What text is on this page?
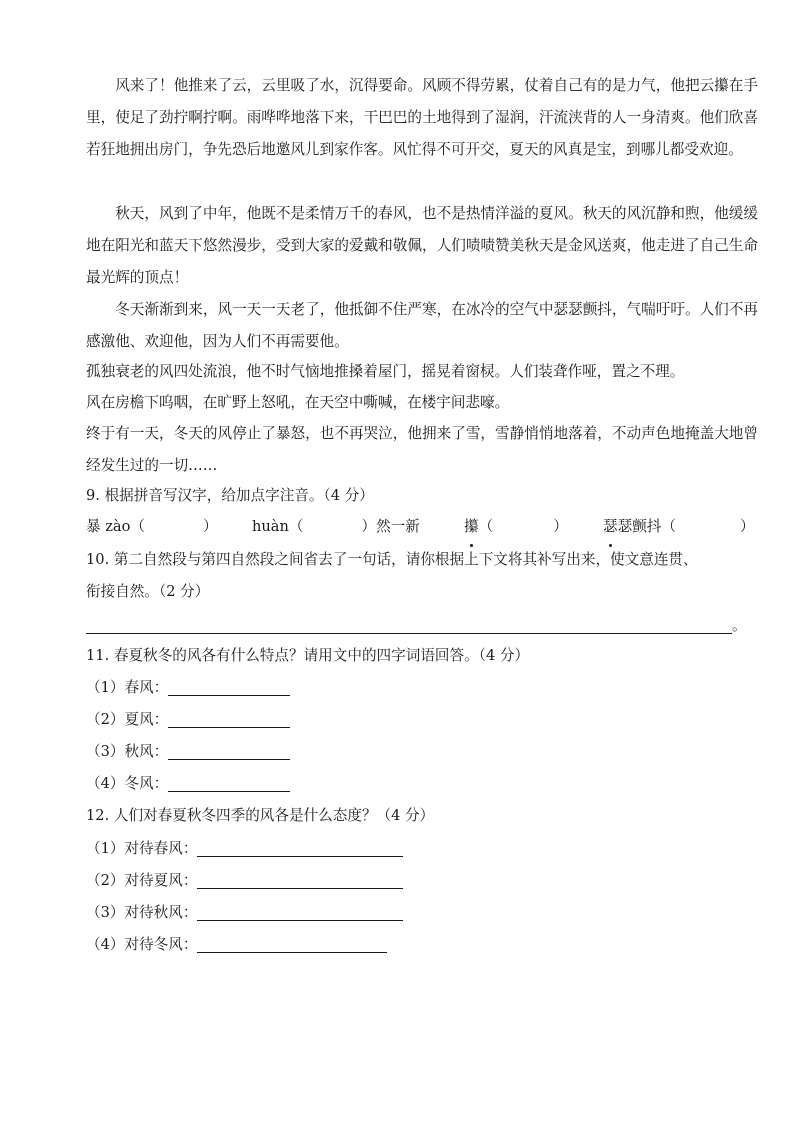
风来了！他推来了云，云里吸了水，沉得要命。风顾不得劳累，仗着自己有的是力气，他把云攥在手里，使足了劲拧啊拧啊。雨哗哗地落下来，干巴巴的土地得到了湿润，汗流浃背的人一身清爽。他们欣喜若狂地拥出房门，争先恐后地邀风儿到家作客。风忙得不可开交，夏天的风真是宝，到哪儿都受欢迎。
秋天，风到了中年，他既不是柔情万千的春风，也不是热情洋溢的夏风。秋天的风沉静和煦，他缓缓地在阳光和蓝天下悠然漫步，受到大家的爱戴和敬佩，人们啧啧赞美秋天是金风送爽，他走进了自己生命最光辉的顶点！
冬天渐渐到来，风一天一天老了，他抵御不住严寒，在冰冷的空气中瑟瑟颤抖，气喘吁吁。人们不再感激他、欢迎他，因为人们不再需要他。
孤独衰老的风四处流浪，他不时气恼地推搡着屋门，摇晃着窗棂。人们装聋作哑，置之不理。
风在房檐下呜咽，在旷野上怒吼，在天空中嘶喊，在楼宇间悲嚎。
终于有一天，冬天的风停止了暴怒，也不再哭泣，他拥来了雪，雪静悄悄地落着，不动声色地掩盖大地曾经发生过的一切……
9. 根据拼音写汉字，给加点字注音。（4 分）
暴 zào（	） huàn（	）然一新	攥（	） 瑟瑟颤抖（	）
10. 第二自然段与第四自然段之间省去了一句话，请你根据上下文将其补写出来，使文意连贯、
衔接自然。（2 分）
。
11. 春夏秋冬的风各有什么特点？请用文中的四字词语回答。（4 分）
（1）春风：
（2）夏风：
（3）秋风：
（4）冬风：
12. 人们对春夏秋冬四季的风各是什么态度？（4 分）
（1）对待春风：
（2）对待夏风：
（3）对待秋风：
（4）对待冬风：
